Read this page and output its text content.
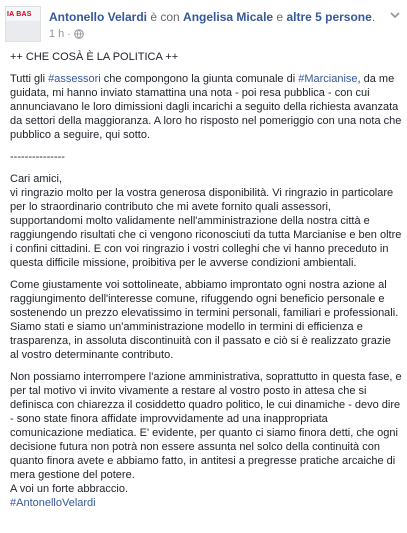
IA BAS Antonello Velardi è con Angelisa Micale e altre 5 persone.
1 h ·

++ CHE COSÀ È LA POLITICA ++

Tutti gli #assessori che compongono la giunta comunale di #Marcianise, da me guidata, mi hanno inviato stamattina una nota - poi resa pubblica - con cui annunciavano le loro dimissioni dagli incarichi a seguito della richiesta avanzata da settori della maggioranza. A loro ho risposto nel pomeriggio con una nota che pubblico a seguire, qui sotto.

---------------

Cari amici,

vi ringrazio molto per la vostra generosa disponibilità. Vi ringrazio in particolare per lo straordinario contributo che mi avete fornito quali assessori, supportandomi molto validamente nell'amministrazione della nostra città e raggiungendo risultati che ci vengono riconosciuti da tutta Marcianise e ben oltre i confini cittadini. E con voi ringrazio i vostri colleghi che vi hanno preceduto in questa difficile missione, proibitiva per le avverse condizioni ambientali.

Come giustamente voi sottolineate, abbiamo improntato ogni nostra azione al raggiungimento dell'interesse comune, rifuggendo ogni beneficio personale e sostenendo un prezzo elevatissimo in termini personali, familiari e professionali. Siamo stati e siamo un'amministrazione modello in termini di efficienza e trasparenza, in assoluta discontinuità con il passato e ciò si è realizzato grazie al vostro determinante contributo.

Non possiamo interrompere l'azione amministrativa, soprattutto in questa fase, e per tal motivo vi invito vivamente a restare al vostro posto in attesa che si definisca con chiarezza il cosiddetto quadro politico, le cui dinamiche - devo dire - sono state finora affidate improvvidamente ad una inappropriata comunicazione mediatica. E' evidente, per quanto ci siamo finora detti, che ogni decisione futura non potrà non essere assunta nel solco della continuità con quanto finora avete e abbiamo fatto, in antitesi a pregresse pratiche arcaiche di mera gestione del potere.

A voi un forte abbraccio.

#AntonelloVelardi
